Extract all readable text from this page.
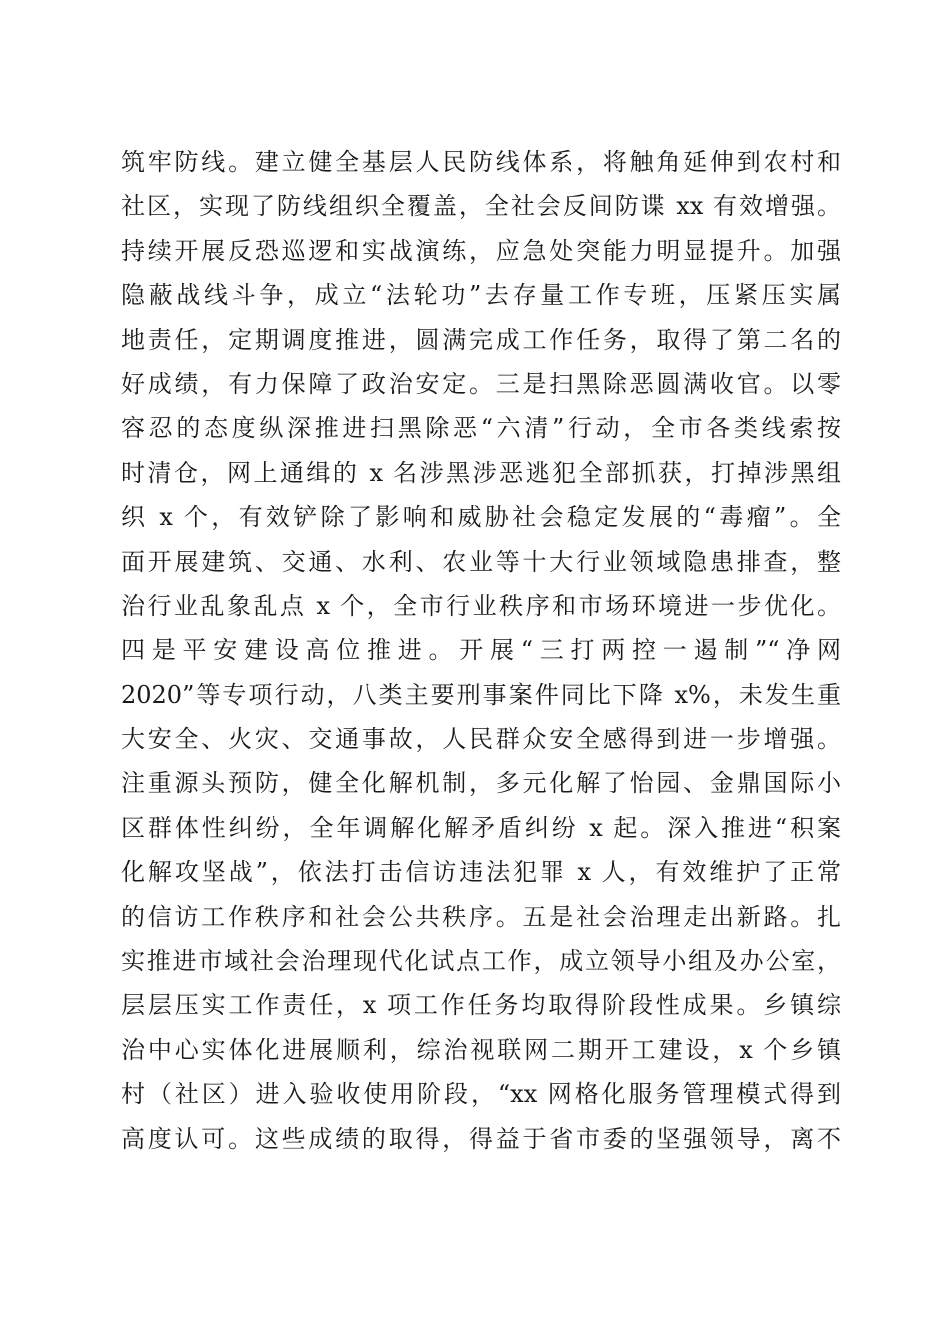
筑牢防线。建立健全基层人民防线体系，将触角延伸到农村和
社区，实现了防线组织全覆盖，全社会反间防谍 xx 有效增强。
持续开展反恐巡逻和实战演练，应急处突能力明显提升。加强
隐蔽战线斗争，成立“法轮功”去存量工作专班，压紧压实属
地责任，定期调度推进，圆满完成工作任务，取得了第二名的
好成绩，有力保障了政治安定。三是扫黑除恶圆满收官。以零
容忍的态度纵深推进扫黑除恶“六清”行动，全市各类线索按
时清仓，网上通缉的 x 名涉黑涉恶逃犯全部抓获，打掉涉黑组
织 x 个，有效铲除了影响和威胁社会稳定发展的“毒瘤”。全
面开展建筑、交通、水利、农业等十大行业领域隐患排查，整
治行业乱象乱点 x 个，全市行业秩序和市场环境进一步优化。
四是平安建设高位推进。开展“三打两控一遏制”“净网
2020”等专项行动，八类主要刑事案件同比下降 x%，未发生重
大安全、火灾、交通事故，人民群众安全感得到进一步增强。
注重源头预防，健全化解机制，多元化解了怡园、金鼎国际小
区群体性纠纷，全年调解化解矛盾纠纷 x 起。深入推进“积案
化解攻坚战”，依法打击信访违法犯罪 x 人，有效维护了正常
的信访工作秩序和社会公共秩序。五是社会治理走出新路。扎
实推进市域社会治理现代化试点工作，成立领导小组及办公室，
层层压实工作责任，x 项工作任务均取得阶段性成果。乡镇综
治中心实体化进展顺利，综治视联网二期开工建设，x 个乡镇
村（社区）进入验收使用阶段，“xx 网格化服务管理模式得到
高度认可。这些成绩的取得，得益于省市委的坚强领导，离不
